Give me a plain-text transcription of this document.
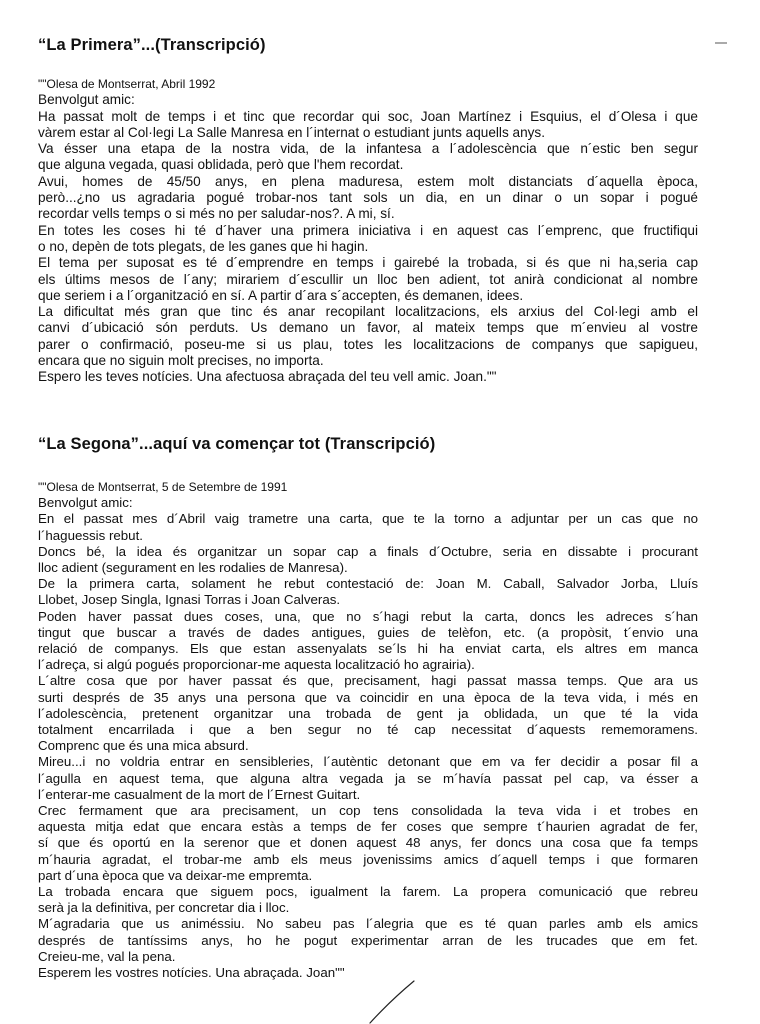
“La Primera”...(Transcripció)

""Olesa de Montserrat, Abril 1992

Benvolgut amic:

Ha passat molt de temps i et tinc que recordar qui soc, Joan Martínez i Esquius, el d´Olesa i que

vàrem estar al Col·legi La Salle Manresa en l´internat o estudiant junts aquells anys.

Va ésser una etapa de la nostra vida, de la infantesa a l´adolescència que n´estic ben segur

que alguna vegada, quasi oblidada, però que l'hem recordat.

Avui, homes de 45/50 anys, en plena maduresa, estem molt distanciats d´aquella època,

però...¿no us agradaria pogué trobar-nos tant sols un dia, en un dinar o un sopar i pogué

recordar vells temps o si més no per saludar-nos?. A mi, sí.

En totes les coses hi té d´haver una primera iniciativa i en aquest cas l´emprenc, que fructifiqui

o no, depèn de tots plegats, de les ganes que hi hagin.

El tema per suposat es té d´emprendre en temps i gairebé la trobada, si és que ni ha,seria cap

els últims mesos de l´any; mirariem d´escullir un lloc ben adient, tot anirà condicionat al nombre

que seriem i a l´organització en sí. A partir d´ara s´accepten, és demanen, idees.

La dificultat més gran que tinc és anar recopilant localitzacions, els arxius del Col·legi amb el

canvi d´ubicació són perduts. Us demano un favor, al mateix temps que m´envieu al vostre

parer o confirmació, poseu-me si us plau, totes les localitzacions de companys que sapigueu,

encara que no siguin molt precises, no importa.

Espero les teves notícies. Una afectuosa abraçada del teu vell amic. Joan.""

“La Segona”...aquí va començar tot (Transcripció)

""Olesa de Montserrat, 5 de Setembre de 1991

Benvolgut amic:

En el passat mes d´Abril vaig trametre una carta, que te la torno a adjuntar per un cas que no

l´haguessis rebut.

Doncs bé, la idea és organitzar un sopar cap a finals d´Octubre, seria en dissabte i procurant

lloc adient (segurament en les rodalies de Manresa).

De la primera carta, solament he rebut contestació de: Joan M. Caball, Salvador Jorba, Lluís

Llobet, Josep Singla, Ignasi Torras i Joan Calveras.

Poden haver passat dues coses, una, que no s´hagi rebut la carta, doncs les adreces s´han

tingut que buscar a través de dades antigues, guies de telèfon, etc. (a propòsit, t´envio una

relació de companys. Els que estan assenyalats se´ls hi ha enviat carta, els altres em manca

l´adreça, si algú pogués proporcionar-me aquesta localització ho agrairia).

L´altre cosa que por haver passat és que, precisament, hagi passat massa temps. Que ara us

surti després de 35 anys una persona que va coincidir en una època de la teva vida, i més en

l´adolescència, pretenent organitzar una trobada de gent ja oblidada, un que té la vida

totalment encarrilada i que a ben segur no té cap necessitat d´aquests rememoramens.

Comprenc que és una mica absurd.

Mireu...i no voldria entrar en sensibleries, l´autèntic detonant que em va fer decidir a posar fil a

l´agulla en aquest tema, que alguna altra vegada ja se m´havía passat pel cap, va ésser a

l´enterar-me casualment de la mort de l´Ernest Guitart.

Crec fermament que ara precisament, un cop tens consolidada la teva vida i et trobes en

aquesta mitja edat que encara estàs a temps de fer coses que sempre t´haurien agradat de fer,

sí que és oportú en la serenor que et donen aquest 48 anys, fer doncs una cosa que fa temps

m´hauria agradat, el trobar-me amb els meus jovenissims amics d´aquell temps i que formaren

part d´una època que va deixar-me empremta.

La trobada encara que siguem pocs, igualment la farem. La propera comunicació que rebreu

serà ja la definitiva, per concretar dia i lloc.

M´agradaria que us animéssiu. No sabeu pas l´alegria que es té quan parles amb els amics

després de tantíssims anys, ho he pogut experimentar arran de les trucades que em fet.

Creieu-me, val la pena.

Esperem les vostres notícies. Una abraçada. Joan""
